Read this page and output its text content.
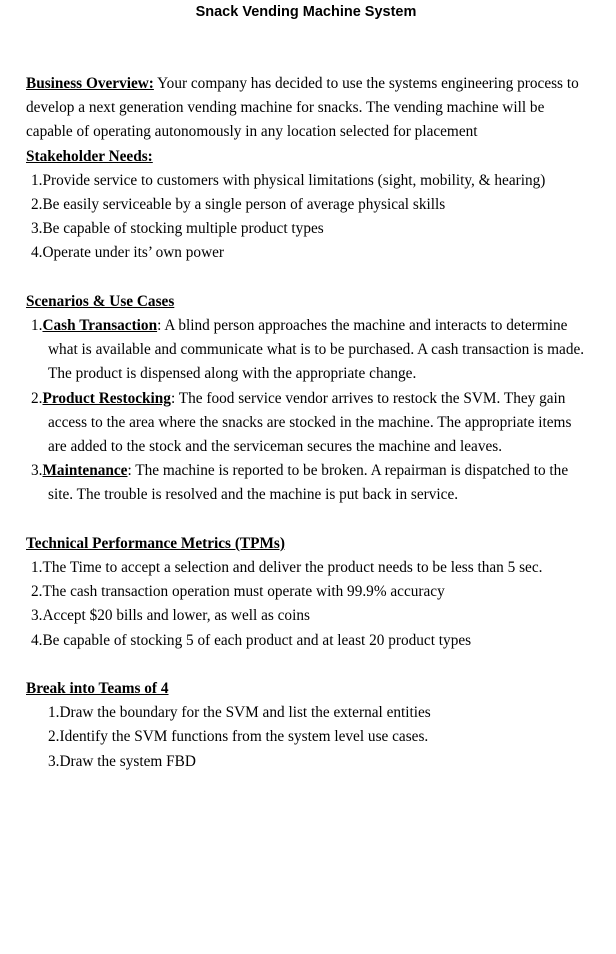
Snack Vending Machine System

Business Overview: Your company has decided to use the systems engineering process to develop a next generation vending machine for snacks. The vending machine will be capable of operating autonomously in any location selected for placement

Stakeholder Needs:
1.Provide service to customers with physical limitations (sight, mobility, & hearing)
2.Be easily serviceable by a single person of average physical skills
3.Be capable of stocking multiple product types
4.Operate under its’ own power
Scenarios & Use Cases
1.Cash Transaction: A blind person approaches the machine and interacts to determine what is available and communicate what is to be purchased. A cash transaction is made. The product is dispensed along with the appropriate change.
2.Product Restocking: The food service vendor arrives to restock the SVM. They gain access to the area where the snacks are stocked in the machine. The appropriate items are added to the stock and the serviceman secures the machine and leaves.
3.Maintenance: The machine is reported to be broken. A repairman is dispatched to the site. The trouble is resolved and the machine is put back in service.
Technical Performance Metrics (TPMs)
1.The Time to accept a selection and deliver the product needs to be less than 5 sec.
2.The cash transaction operation must operate with 99.9% accuracy
3.Accept $20 bills and lower, as well as coins
4.Be capable of stocking 5 of each product and at least 20 product types
Break into Teams of 4
1.Draw the boundary for the SVM and list the external entities
2.Identify the SVM functions from the system level use cases.
3.Draw the system FBD
